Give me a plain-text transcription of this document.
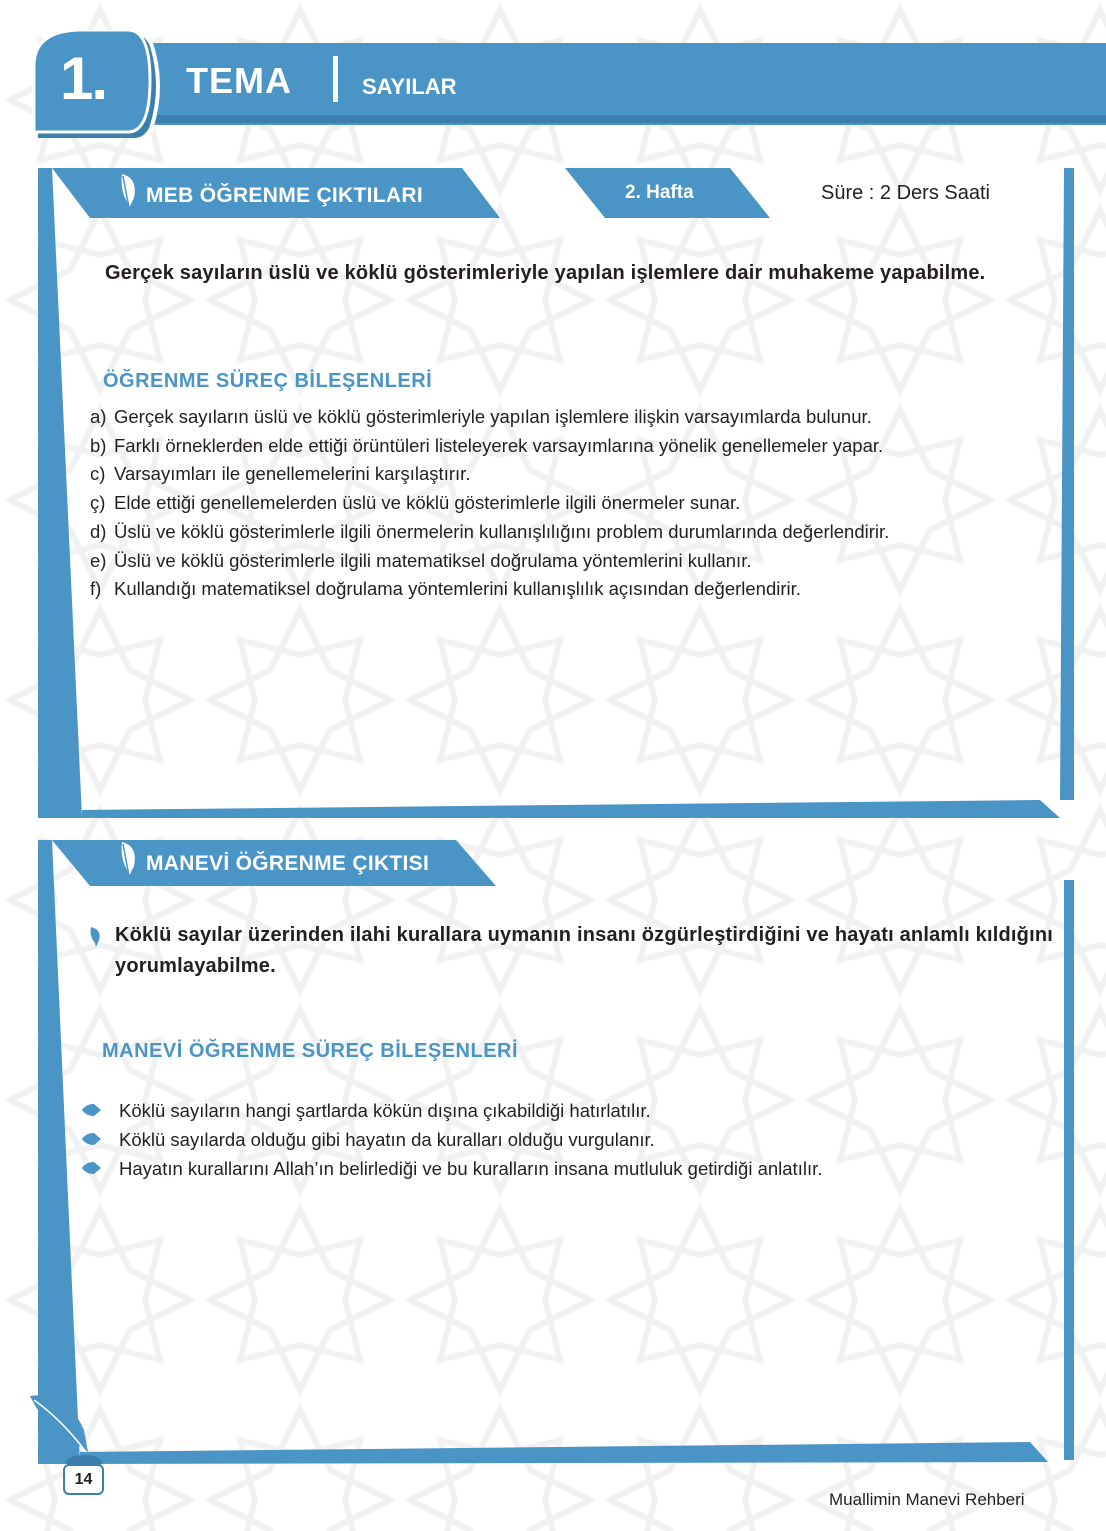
1. TEMA	SAYILAR
MEB ÖĞRENME ÇIKTILARI	2. Hafta	Süre : 2 Ders Saati
Gerçek sayıların üslü ve köklü gösterimleriyle yapılan işlemlere dair muhakeme yapabilme.
ÖĞRENME SÜREÇ BİLEŞENLERİ
a) Gerçek sayıların üslü ve köklü gösterimleriyle yapılan işlemlere ilişkin varsayımlarda bulunur.
b) Farklı örneklerden elde ettiği örüntüleri listeleyerek varsayımlarına yönelik genellemeler yapar.
c) Varsayımları ile genellemelerini karşılaştırır.
ç) Elde ettiği genellemelerden üslü ve köklü gösterimlerle ilgili önermeler sunar.
d) Üslü ve köklü gösterimlerle ilgili önermelerin kullanışlılığını problem durumlarında değerlendirir.
e) Üslü ve köklü gösterimlerle ilgili matematiksel doğrulama yöntemlerini kullanır.
f) Kullandığı matematiksel doğrulama yöntemlerini kullanışlılık açısından değerlendirir.
MANEVİ ÖĞRENME ÇIKTISI
Köklü sayılar üzerinden ilahi kurallara uymanın insanı özgürleştirdiğini ve hayatı anlamlı kıldığını yorumlayabilme.
MANEVİ ÖĞRENME SÜREÇ BİLEŞENLERİ
Köklü sayıların hangi şartlarda kökün dışına çıkabildiği hatırlatılır.
Köklü sayılarda olduğu gibi hayatın da kuralları olduğu vurgulanır.
Hayatın kurallarını Allah’ın belirlediği ve bu kuralların insana mutluluk getirdiği anlatılır.
14
Muallimin Manevi Rehberi
